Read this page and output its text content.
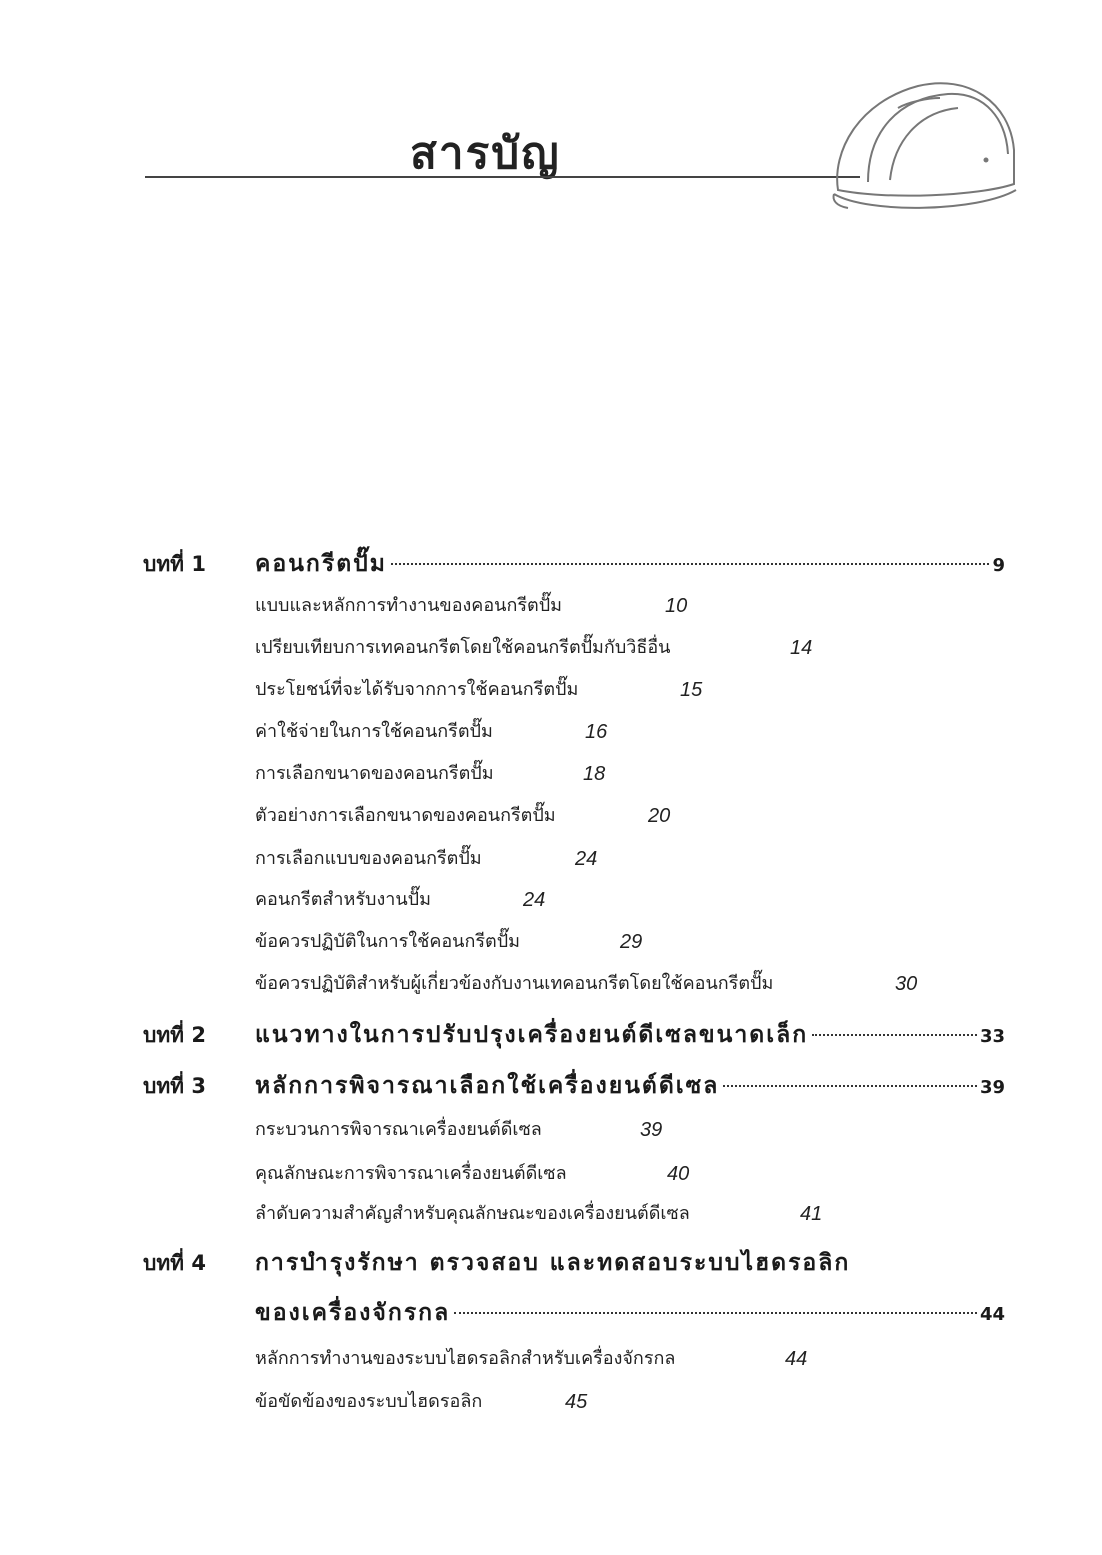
สารบัญ
บทที่ 1 คอนกรีตปั๊ม	9
แบบและหลักการทำงานของคอนกรีตปั๊ม	10
เปรียบเทียบการเทคอนกรีตโดยใช้คอนกรีตปั๊มกับวิธีอื่น	14
ประโยชน์ที่จะได้รับจากการใช้คอนกรีตปั๊ม	15
ค่าใช้จ่ายในการใช้คอนกรีตปั๊ม	16
การเลือกขนาดของคอนกรีตปั๊ม	18
ตัวอย่างการเลือกขนาดของคอนกรีตปั๊ม	20
การเลือกแบบของคอนกรีตปั๊ม	24
คอนกรีตสำหรับงานปั๊ม	24
ข้อควรปฏิบัติในการใช้คอนกรีตปั๊ม	29
ข้อควรปฏิบัติสำหรับผู้เกี่ยวข้องกับงานเทคอนกรีตโดยใช้คอนกรีตปั๊ม	30
บทที่ 2 แนวทางในการปรับปรุงเครื่องยนต์ดีเซลขนาดเล็ก	33
บทที่ 3 หลักการพิจารณาเลือกใช้เครื่องยนต์ดีเซล	39
กระบวนการพิจารณาเครื่องยนต์ดีเซล	39
คุณลักษณะการพิจารณาเครื่องยนต์ดีเซล	40
ลำดับความสำคัญสำหรับคุณลักษณะของเครื่องยนต์ดีเซล	41
บทที่ 4 การบำรุงรักษา ตรวจสอบ และทดสอบระบบไฮดรอลิก
ของเครื่องจักรกล	44
หลักการทำงานของระบบไฮดรอลิกสำหรับเครื่องจักรกล	44
ข้อขัดข้องของระบบไฮดรอลิก	45
